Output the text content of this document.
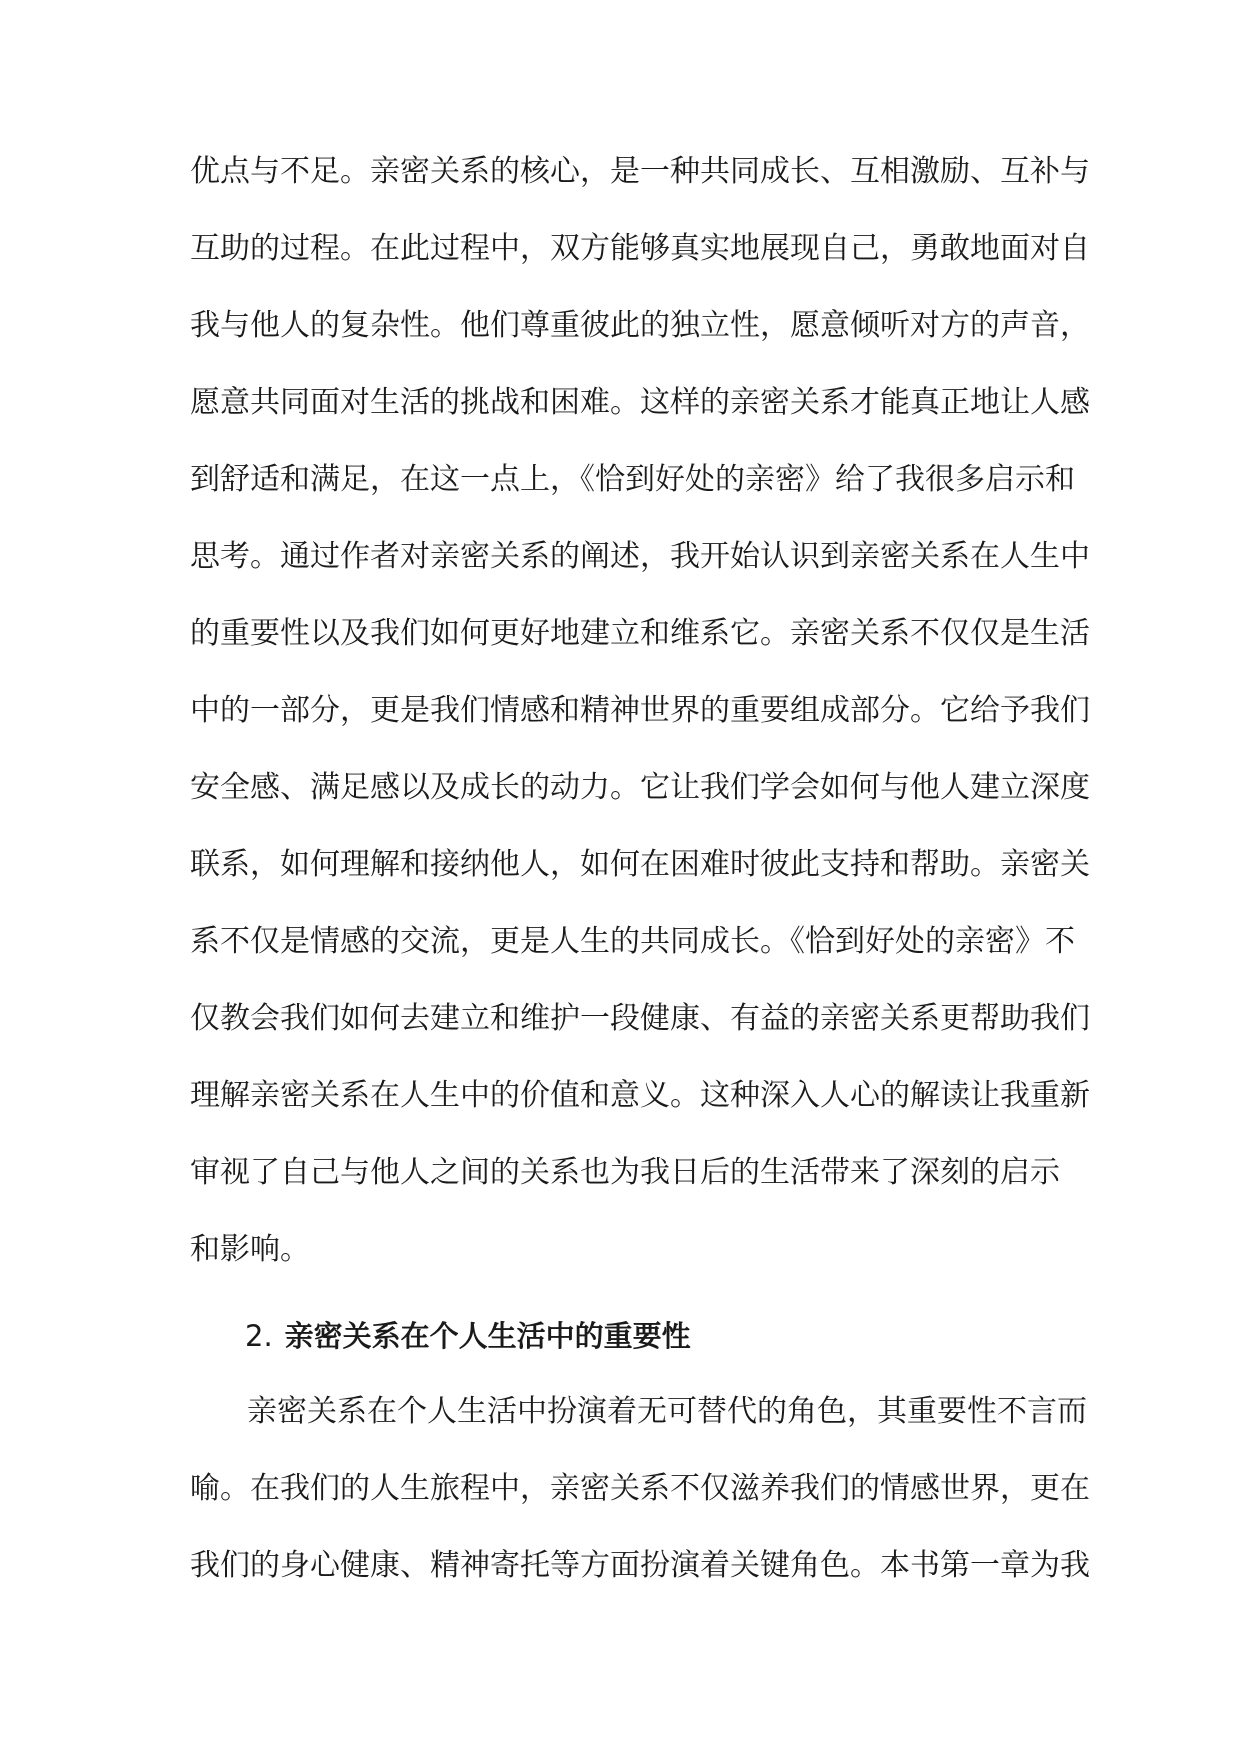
优点与不足。亲密关系的核心，是一种共同成长、互相激励、互补与
互助的过程。在此过程中，双方能够真实地展现自己，勇敢地面对自
我与他人的复杂性。他们尊重彼此的独立性，愿意倾听对方的声音，
愿意共同面对生活的挑战和困难。这样的亲密关系才能真正地让人感
到舒适和满足，在这一点上，《恰到好处的亲密》给了我很多启示和
思考。通过作者对亲密关系的阐述，我开始认识到亲密关系在人生中
的重要性以及我们如何更好地建立和维系它。亲密关系不仅仅是生活
中的一部分，更是我们情感和精神世界的重要组成部分。它给予我们
安全感、满足感以及成长的动力。它让我们学会如何与他人建立深度
联系，如何理解和接纳他人，如何在困难时彼此支持和帮助。亲密关
系不仅是情感的交流，更是人生的共同成长。《恰到好处的亲密》不
仅教会我们如何去建立和维护一段健康、有益的亲密关系更帮助我们
理解亲密关系在人生中的价值和意义。这种深入人心的解读让我重新
审视了自己与他人之间的关系也为我日后的生活带来了深刻的启示
和影响。
2. 亲密关系在个人生活中的重要性
亲密关系在个人生活中扮演着无可替代的角色，其重要性不言而
喻。在我们的人生旅程中，亲密关系不仅滋养我们的情感世界，更在
我们的身心健康、精神寄托等方面扮演着关键角色。本书第一章为我
